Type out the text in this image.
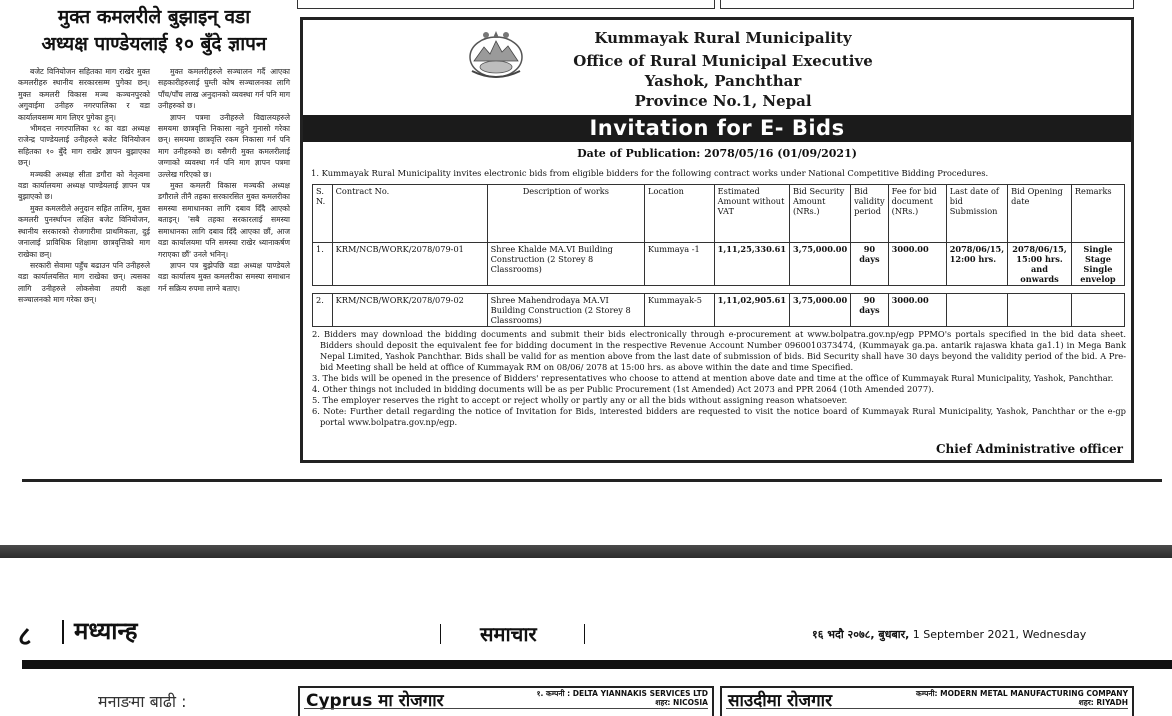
मुक्त कमलरीले बुझाइन् वडा
अध्यक्ष पाण्डेयलाई १० बुँदे ज्ञापन

बजेट विनियोजन सहितका माग राखेर मुक्त कमलरीहरु स्थानीय सरकारसम्म पुगेका छन्। मुक्त कमलरी विकास मञ्च कञ्चनपुरको अगुवाईमा उनीहरु नगरपालिका र वडा कार्यालयसम्म माग लिएर पुगेका हुन्।

भीमदत्त नगरपालिका १८ का वडा अध्यक्ष राजेन्द्र पाण्डेयलाई उनीहरुले बजेट विनियोजन सहितका १० बुँदे माग राखेर ज्ञापन बुझाएका छन्।

मञ्चकी अध्यक्ष सीता डगौरा को नेतृत्वमा वडा कार्यालयमा अध्यक्ष पाण्डेयलाई ज्ञापन पत्र बुझाएको छ।

मुक्त कमलरीले अनुदान सहित तालिम, मुक्त कमलरी पुनर्स्थापन लक्षित बजेट विनियोजन, स्थानीय सरकारको रोजगारीमा प्राथमिकता, दुई जनालाई प्राविधिक शिक्षामा छात्रवृत्तिको माग राखेका छन्।

सरकारी सेवामा पहुँच बढाउन पनि उनीहरुले वडा कार्यालयसित माग राखेका छन्। त्यसका लागि उनीहरुले लोकसेवा तयारी कक्षा सञ्चालनको माग गरेका छन्।

मुक्त कमलरीहरुले सञ्चालन गर्दै आएका सहकारीहरुलाई घुम्ती कोष सञ्चालनका लागि पाँच/पाँच लाख अनुदानको व्यवस्था गर्न पनि माग उनीहरुको छ।

ज्ञापन पत्रमा उनीहरुले विद्यालयहरुले समयमा छात्रवृत्ति निकासा नहुने गुनासो गरेका छन्। समयमा छात्रवृत्ति रकम निकासा गर्न पनि माग उनीहरुको छ। यसैगरी मुक्त कमलरीलाई जग्गाको व्यवस्था गर्न पनि माग ज्ञापन पत्रमा उल्लेख गरिएको छ।

मुक्त कमलरी विकास मञ्चकी अध्यक्ष डगौराले तीनै तहका सरकारसित मुक्त कमलरीका समस्या समाधानका लागि दबाव दिँदै आएको बताइन्। 'सबै तहका सरकारलाई समस्या समाधानका लागि दबाव दिँदै आएका छौं, आज वडा कार्यालयमा पनि समस्या राखेर ध्यानाकर्षण गराएका छौं' उनले भनिन्।

ज्ञापन पत्र बुझेपछि वडा अध्यक्ष पाण्डेयले वडा कार्यालय मुक्त कमलरीका समस्या समाधान गर्न सक्रिय रुपमा लाग्ने बताए।

Kummayak Rural Municipality
Office of Rural Municipal Executive
Yashok, Panchthar
Province No.1, Nepal
Invitation for E- Bids
Date of Publication: 2078/05/16 (01/09/2021)
1. Kummayak Rural Municipality invites electronic bids from eligible bidders for the following contract works under National Competitive Bidding Procedures.
S. N.	Contract No.	Description of works	Location	Estimated Amount without VAT	Bid Security Amount (NRs.)	Bid validity period	Fee for bid document (NRs.)	Last date of bid Submission	Bid Opening date	Remarks
1.	KRM/NCB/WORK/2078/079-01	Shree Khalde MA.VI Building Construction (2 Storey 8 Classrooms)	Kummaya -1	1,11,25,330.61	3,75,000.00	90 days	3000.00	2078/06/15, 12:00 hrs.	2078/06/15, 15:00 hrs. and onwards	Single Stage Single envelop

2.	KRM/NCB/WORK/2078/079-02	Shree Mahendrodaya MA.VI Building Construction (2 Storey 8 Classrooms)	Kummayak-5	1,11,02,905.61	3,75,000.00	90 days	3000.00			
2. Bidders may download the bidding documents and submit their bids electronically through e-procurement at www.bolpatra.gov.np/egp PPMO's portals specified in the bid data sheet. Bidders should deposit the equivalent fee for bidding document in the respective Revenue Account Number 0960010373474, (Kummayak ga.pa. antarik rajaswa khata ga1.1) in Mega Bank Nepal Limited, Yashok Panchthar. Bids shall be valid for as mention above from the last date of submission of bids. Bid Security shall have 30 days beyond the validity period of the bid. A Pre-bid Meeting shall be held at office of Kummayak RM on 08/06/ 2078 at 15:00 hrs. as above within the date and time Specified.
3. The bids will be opened in the presence of Bidders' representatives who choose to attend at mention above date and time at the office of Kummayak Rural Municipality, Yashok, Panchthar.
4. Other things not included in bidding documents will be as per Public Procurement (1st Amended) Act 2073 and PPR 2064 (10th Amended 2077).
5. The employer reserves the right to accept or reject wholly or partly any or all the bids without assigning reason whatsoever.
6. Note: Further detail regarding the notice of Invitation for Bids, interested bidders are requested to visit the notice board of Kummayak Rural Municipality, Yashok, Panchthar or the e-gp portal www.bolpatra.gov.np/egp.
Chief Administrative officer
८ मध्यान्ह	समाचार	१६ भदौ २०७८, बुधबार, 1 September 2021, Wednesday
मनाङमा बाढी :	Cyprus मा रोजगार	१. कम्पनी : DELTA YIANNAKIS SERVICES LTD
शहर: NICOSIA साउदीमा रोजगार	कम्पनी: MODERN METAL MANUFACTURING COMPANY
शहर: RIYADH
